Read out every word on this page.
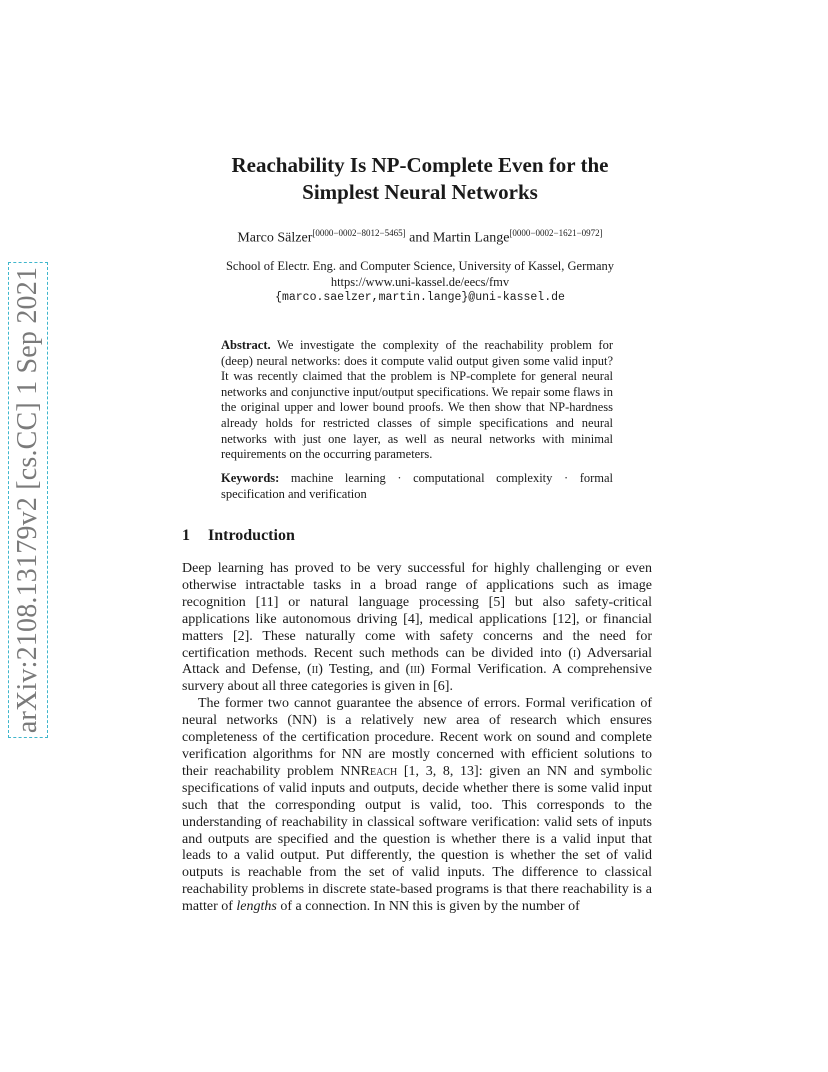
arXiv:2108.13179v2 [cs.CC] 1 Sep 2021
Reachability Is NP-Complete Even for the
Simplest Neural Networks
Marco Sälzer[0000−0002−8012−5465] and Martin Lange[0000−0002−1621−0972]
School of Electr. Eng. and Computer Science, University of Kassel, Germany
https://www.uni-kassel.de/eecs/fmv
{marco.saelzer,martin.lange}@uni-kassel.de
Abstract. We investigate the complexity of the reachability problem for (deep) neural networks: does it compute valid output given some valid input? It was recently claimed that the problem is NP-complete for general neural networks and conjunctive input/output specifications. We repair some flaws in the original upper and lower bound proofs. We then show that NP-hardness already holds for restricted classes of simple specifications and neural networks with just one layer, as well as neural networks with minimal requirements on the occurring parameters.
Keywords: machine learning · computational complexity · formal specification and verification
1 Introduction

Deep learning has proved to be very successful for highly challenging or even otherwise intractable tasks in a broad range of applications such as image recognition [11] or natural language processing [5] but also safety-critical applications like autonomous driving [4], medical applications [12], or financial matters [2]. These naturally come with safety concerns and the need for certification methods. Recent such methods can be divided into (i) Adversarial Attack and Defense, (ii) Testing, and (iii) Formal Verification. A comprehensive survery about all three categories is given in [6].

The former two cannot guarantee the absence of errors. Formal verification of neural networks (NN) is a relatively new area of research which ensures completeness of the certification procedure. Recent work on sound and complete verification algorithms for NN are mostly concerned with efficient solutions to their reachability problem NNReach [1, 3, 8, 13]: given an NN and symbolic specifications of valid inputs and outputs, decide whether there is some valid input such that the corresponding output is valid, too. This corresponds to the understanding of reachability in classical software verification: valid sets of inputs and outputs are specified and the question is whether there is a valid input that leads to a valid output. Put differently, the question is whether the set of valid outputs is reachable from the set of valid inputs. The difference to classical reachability problems in discrete state-based programs is that there reachability is a matter of lengths of a connection. In NN this is given by the number of
